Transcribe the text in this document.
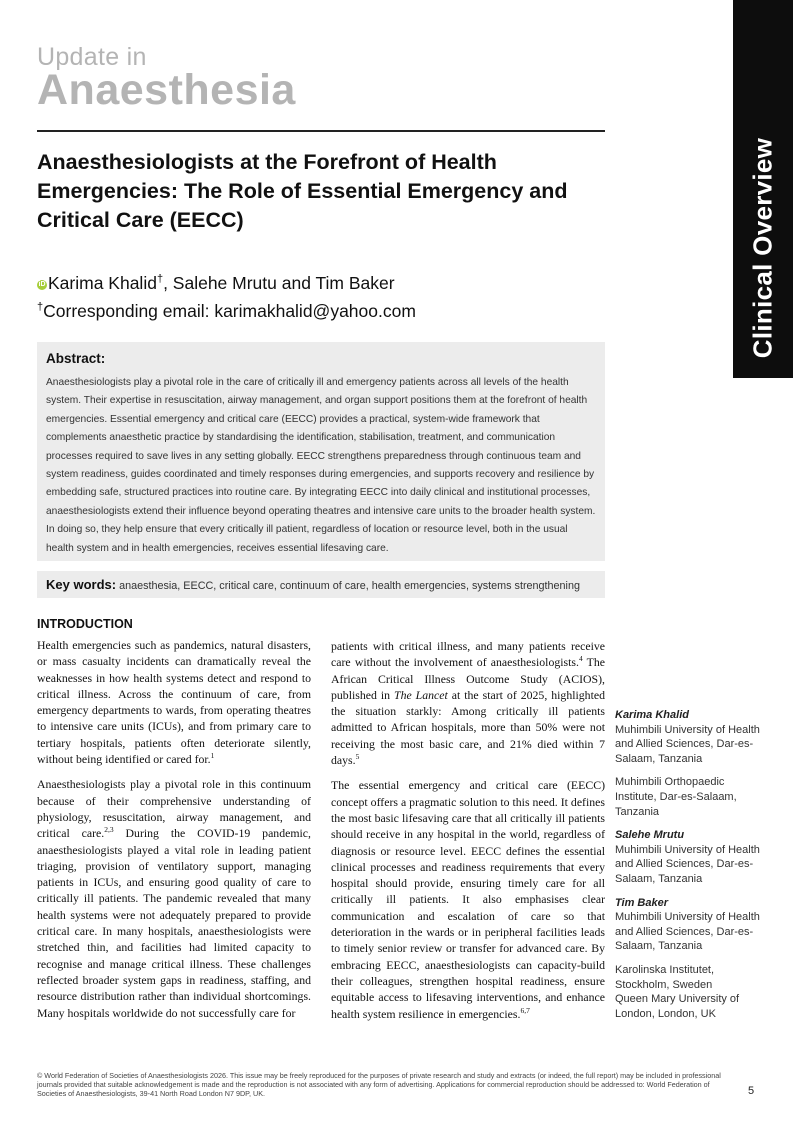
Update in
Anaesthesia
Clinical Overview
Anaesthesiologists at the Forefront of Health Emergencies: The Role of Essential Emergency and Critical Care (EECC)
iD Karima Khalid†, Salehe Mrutu and Tim Baker
†Corresponding email: karimakhalid@yahoo.com
Abstract:
Anaesthesiologists play a pivotal role in the care of critically ill and emergency patients across all levels of the health system. Their expertise in resuscitation, airway management, and organ support positions them at the forefront of health emergencies. Essential emergency and critical care (EECC) provides a practical, system-wide framework that complements anaesthetic practice by standardising the identification, stabilisation, treatment, and communication processes required to save lives in any setting globally. EECC strengthens preparedness through continuous team and system readiness, guides coordinated and timely responses during emergencies, and supports recovery and resilience by embedding safe, structured practices into routine care. By integrating EECC into daily clinical and institutional processes, anaesthesiologists extend their influence beyond operating theatres and intensive care units to the broader health system. In doing so, they help ensure that every critically ill patient, regardless of location or resource level, both in the usual health system and in health emergencies, receives essential lifesaving care.
Key words: anaesthesia, EECC, critical care, continuum of care, health emergencies, systems strengthening
INTRODUCTION

Health emergencies such as pandemics, natural disasters, or mass casualty incidents can dramatically reveal the weaknesses in how health systems detect and respond to critical illness. Across the continuum of care, from emergency departments to wards, from operating theatres to intensive care units (ICUs), and from primary care to tertiary hospitals, patients often deteriorate silently, without being identified or cared for.$^1$

Anaesthesiologists play a pivotal role in this continuum because of their comprehensive understanding of physiology, resuscitation, airway management, and critical care.$^{2,3}$ During the COVID-19 pandemic, anaesthesiologists played a vital role in leading patient triaging, provision of ventilatory support, managing patients in ICUs, and ensuring good quality of care to critically ill patients. The pandemic revealed that many health systems were not adequately prepared to provide critical care. In many hospitals, anaesthesiologists were stretched thin, and facilities had limited capacity to recognise and manage critical illness. These challenges reflected broader system gaps in readiness, staffing, and resource distribution rather than individual shortcomings. Many hospitals worldwide do not successfully care for

patients with critical illness, and many patients receive care without the involvement of anaesthesiologists.$^4$ The African Critical Illness Outcome Study (ACIOS), published in The Lancet at the start of 2025, highlighted the situation starkly: Among critically ill patients admitted to African hospitals, more than 50% were not receiving the most basic care, and 21% died within 7 days.$^5$

The essential emergency and critical care (EECC) concept offers a pragmatic solution to this need. It defines the most basic lifesaving care that all critically ill patients should receive in any hospital in the world, regardless of diagnosis or resource level. EECC defines the essential clinical processes and readiness requirements that every hospital should provide, ensuring timely care for all critically ill patients. It also emphasises clear communication and escalation of care so that deterioration in the wards or in peripheral facilities leads to timely senior review or transfer for advanced care. By embracing EECC, anaesthesiologists can capacity-build their colleagues, strengthen hospital readiness, ensure equitable access to lifesaving interventions, and enhance health system resilience in emergencies.$^{6,7}$

Karima Khalid
Muhimbili University of Health and Allied Sciences, Dar-es-Salaam, Tanzania
Muhimbili Orthopaedic Institute, Dar-es-Salaam, Tanzania
Salehe Mrutu
Muhimbili University of Health and Allied Sciences, Dar-es-Salaam, Tanzania
Tim Baker
Muhimbili University of Health and Allied Sciences, Dar-es-Salaam, Tanzania
Karolinska Institutet, Stockholm, Sweden
Queen Mary University of London, London, UK
© World Federation of Societies of Anaesthesiologists 2026. This issue may be freely reproduced for the purposes of private research and study and extracts (or indeed, the full report) may be included in professional journals provided that suitable acknowledgement is made and the reproduction is not associated with any form of advertising. Applications for commercial reproduction should be addressed to: World Federation of Societies of Anaesthesiologists, 39-41 North Road London N7 9DP, UK.	5
